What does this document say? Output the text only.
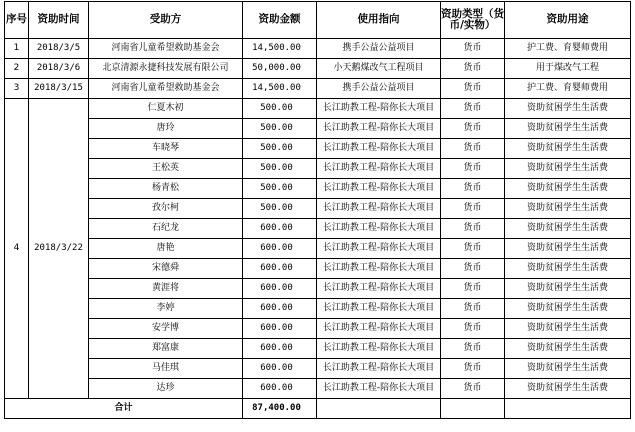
序号	资助时间	受助方	资助金额	使用指向	资助类型（货币/实物）	资助用途
1	2018/3/5	河南省儿童希望救助基金会	14,500.00	携手公益公益项目	货币	护工费、育婴师费用
2	2018/3/6	北京清源永捷科技发展有限公司	50,000.00	小天鹅煤改气工程项目	货币	用于煤改气工程
3	2018/3/15	河南省儿童希望救助基金会	14,500.00	携手公益公益项目	货币	护工费、育婴师费用
4	2018/3/22	仁夏木初	500.00	长江助教工程-陪你长大项目	货币	资助贫困学生生活费
		唐玲	500.00	长江助教工程-陪你长大项目	货币	资助贫困学生生活费
		车晓琴	500.00	长江助教工程-陪你长大项目	货币	资助贫困学生生活费
		王松英	500.00	长江助教工程-陪你长大项目	货币	资助贫困学生生活费
		杨青松	500.00	长江助教工程-陪你长大项目	货币	资助贫困学生生活费
		孜尔柯	500.00	长江助教工程-陪你长大项目	货币	资助贫困学生生活费
		石纪龙	600.00	长江助教工程-陪你长大项目	货币	资助贫困学生生活费
		唐艳	600.00	长江助教工程-陪你长大项目	货币	资助贫困学生生活费
		宋德舜	600.00	长江助教工程-陪你长大项目	货币	资助贫困学生生活费
		黄涯将	600.00	长江助教工程-陪你长大项目	货币	资助贫困学生生活费
		李婷	600.00	长江助教工程-陪你长大项目	货币	资助贫困学生生活费
		安学博	600.00	长江助教工程-陪你长大项目	货币	资助贫困学生生活费
		郑富康	600.00	长江助教工程-陪你长大项目	货币	资助贫困学生生活费
		马佳琪	600.00	长江助教工程-陪你长大项目	货币	资助贫困学生生活费
		达珍	600.00	长江助教工程-陪你长大项目	货币	资助贫困学生生活费
合计			87,400.00			
